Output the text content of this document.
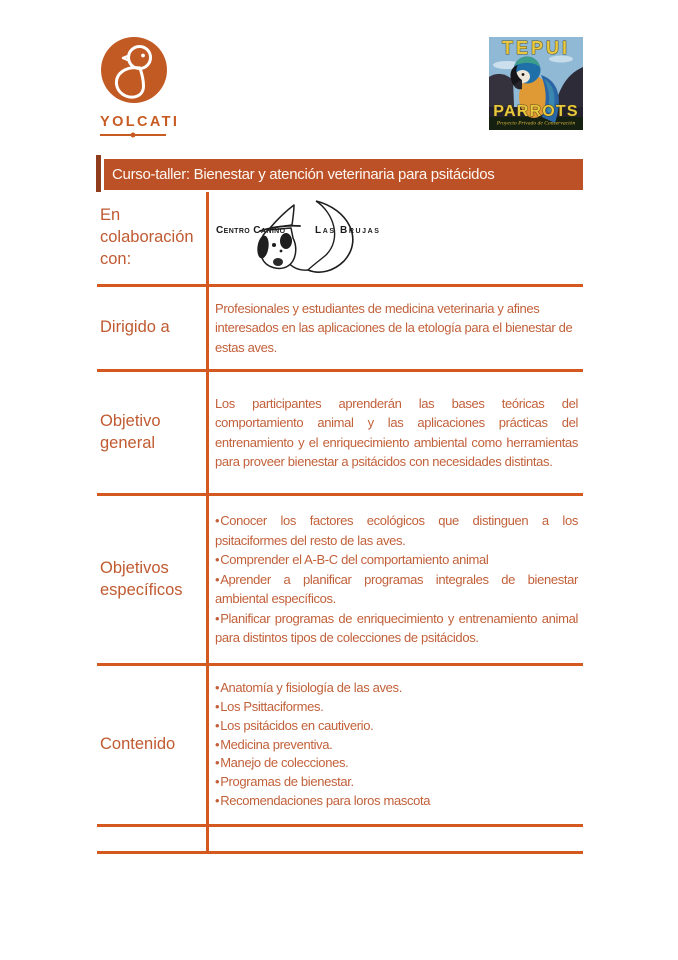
YOLCATI
TEPUI
PARROTS
Proyecto Privado de Conservación
Curso-taller: Bienestar y atención veterinaria para psitácidos
En colaboración con:
Centro Canino	Las Brujas
Dirigido a
Profesionales y estudiantes de medicina veterinaria y afines interesados en las aplicaciones de la etología para el bienestar de estas aves.
Objetivo general
Los participantes aprenderán las bases teóricas del comportamiento animal y las aplicaciones prácticas del entrenamiento y el enriquecimiento ambiental como herramientas para proveer bienestar a psitácidos con necesidades distintas.
Objetivos específicos
•Conocer los factores ecológicos que distinguen a los psitaciformes del resto de las aves.
•Comprender el A-B-C del comportamiento animal
•Aprender a planificar programas integrales de bienestar ambiental específicos.
•Planificar programas de enriquecimiento y entrenamiento animal para distintos tipos de colecciones de psitácidos.
Contenido
•Anatomía y fisiología de las aves.
•Los Psittaciformes.
•Los psitácidos en cautiverio.
•Medicina preventiva.
•Manejo de colecciones.
•Programas de bienestar.
•Recomendaciones para loros mascota
